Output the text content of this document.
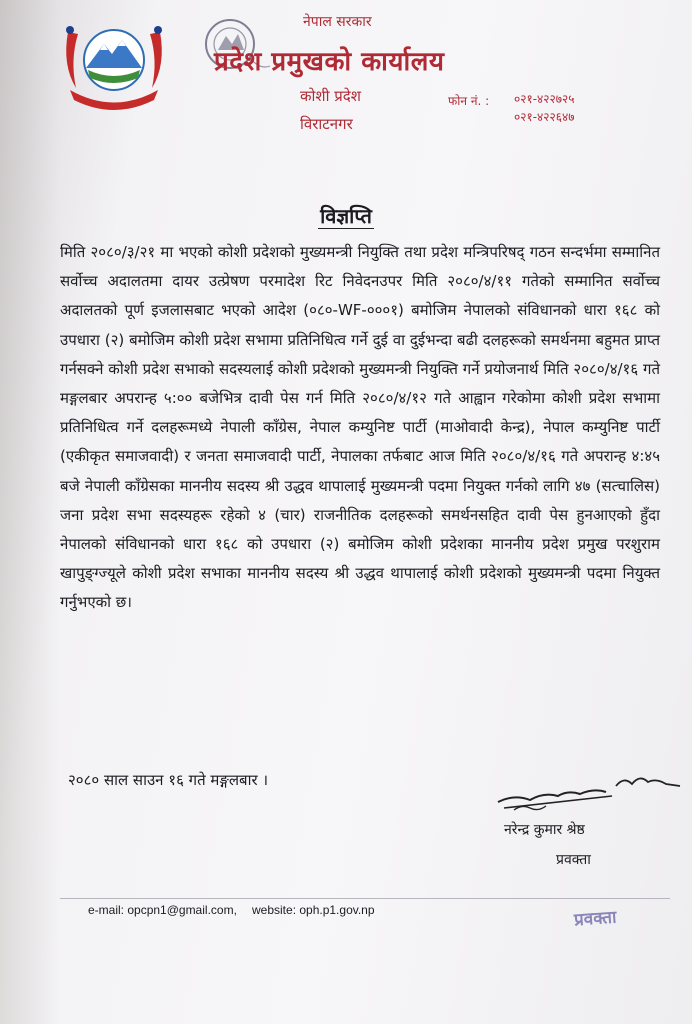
नेपाल सरकार
प्रदेश प्रमुखको कार्यालय
कोशी प्रदेश
विराटनगर
फोन नं. : ०२१-४२२७२५
०२१-४२२६४७
विज्ञप्ति
मिति २०८०/३/२१ मा भएको कोशी प्रदेशको मुख्यमन्त्री नियुक्ति तथा प्रदेश मन्त्रिपरिषद् गठन सन्दर्भमा सम्मानित सर्वोच्च अदालतमा दायर उत्प्रेषण परमादेश रिट निवेदनउपर मिति २०८०/४/११ गतेको सम्मानित सर्वोच्च अदालतको पूर्ण इजलासबाट भएको आदेश (०८०-WF-०००१) बमोजिम नेपालको संविधानको धारा १६८ को उपधारा (२) बमोजिम कोशी प्रदेश सभामा प्रतिनिधित्व गर्ने दुई वा दुईभन्दा बढी दलहरूको समर्थनमा बहुमत प्राप्त गर्नसक्ने कोशी प्रदेश सभाको सदस्यलाई कोशी प्रदेशको मुख्यमन्त्री नियुक्ति गर्ने प्रयोजनार्थ मिति २०८०/४/१६ गते मङ्गलबार अपरान्ह ५:०० बजेभित्र दावी पेस गर्न मिति २०८०/४/१२ गते आह्वान गरेकोमा कोशी प्रदेश सभामा प्रतिनिधित्व गर्ने दलहरूमध्ये नेपाली काँग्रेस, नेपाल कम्युनिष्ट पार्टी (माओवादी केन्द्र), नेपाल कम्युनिष्ट पार्टी (एकीकृत समाजवादी) र जनता समाजवादी पार्टी, नेपालका तर्फबाट आज मिति २०८०/४/१६ गते अपरान्ह ४:४५ बजे नेपाली काँग्रेसका माननीय सदस्य श्री उद्धव थापालाई मुख्यमन्त्री पदमा नियुक्त गर्नको लागि ४७ (सत्चालिस) जना प्रदेश सभा सदस्यहरू रहेको ४ (चार) राजनीतिक दलहरूको समर्थनसहित दावी पेस हुनआएको हुँदा नेपालको संविधानको धारा १६८ को उपधारा (२) बमोजिम कोशी प्रदेशका माननीय प्रदेश प्रमुख परशुराम खापुङ्ग्ज्यूले कोशी प्रदेश सभाका माननीय सदस्य श्री उद्धव थापालाई कोशी प्रदेशको मुख्यमन्त्री पदमा नियुक्त गर्नुभएको छ।
२०८० साल साउन १६ गते मङ्गलबार ।
नरेन्द्र कुमार श्रेष्ठ
प्रवक्ता
e-mail: opcpn1@gmail.com, website: oph.p1.gov.np	प्रवक्ता
